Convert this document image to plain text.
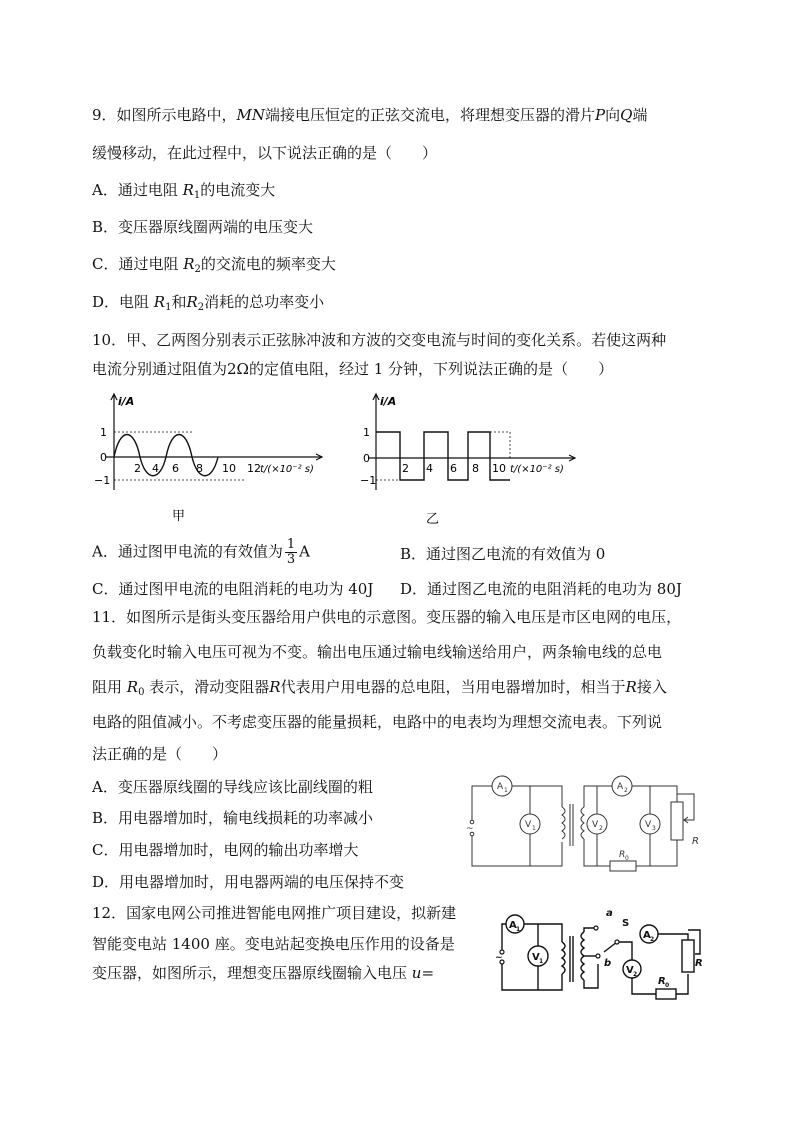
9．如图所示电路中，MN端接电压恒定的正弦交流电，将理想变压器的滑片P向Q端
缓慢移动，在此过程中，以下说法正确的是（　　）
A．通过电阻 $R_1$的电流变大
B．变压器原线圈两端的电压变大
C．通过电阻 $R_2$的交流电的频率变大
D．电阻 $R_1$和$R_2$消耗的总功率变小
10．甲、乙两图分别表示正弦脉冲波和方波的交变电流与时间的变化关系。若使这两种
电流分别通过阻值为2Ω的定值电阻，经过 1 分钟，下列说法正确的是（　　）
i/A
1
0
−1
2 4 6 8 10 12 t/(×10⁻² s)
甲
i/A
1
0
−1
2 4 6 8 10 t/(×10⁻² s)
乙
A．通过图甲电流的有效值为 $\frac{1}{3}$ A	B．通过图乙电流的有效值为 0
C．通过图甲电流的电阻消耗的电功为 40J D．通过图乙电流的电阻消耗的电功为 80J
11．如图所示是街头变压器给用户供电的示意图。变压器的输入电压是市区电网的电压，
负载变化时输入电压可视为不变。输出电压通过输电线输送给用户，两条输电线的总电
阻用 $R_0$ 表示，滑动变阻器R代表用户用电器的总电阻，当用电器增加时，相当于R接入
电路的阻值减小。不考虑变压器的能量损耗，电路中的电表均为理想交流电表。下列说
法正确的是（　　）
A．变压器原线圈的导线应该比副线圈的粗
B．用电器增加时，输电线损耗的功率减小
C．用电器增加时，电网的输出功率增大
D．用电器增加时，用电器两端的电压保持不变
A 1
V 1
A 2
V 2	V 3
~
R 0
R
12．国家电网公司推进智能电网推广项目建设，拟新建
智能变电站 1400 座。变电站起变换电压作用的设备是
变压器，如图所示，理想变压器原线圈输入电压 u=
A 1
V 1
A 2
V 2
a
b
S
~
R 0
R
